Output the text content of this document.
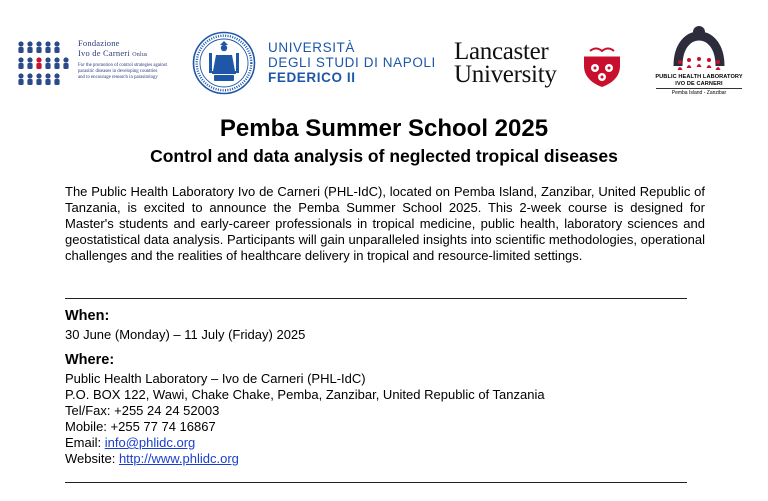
Fondazione
Ivo de Carneri Onlus
For the promotion of control strategies against
parasitic diseases in developing countries
and to encourage research in parasitology
UNIVERSITÀ
DEGLI STUDI DI NAPOLI
FEDERICO II
Lancaster
University	PUBLIC HEALTH LABORATORY
IVO DE CARNERI
Pemba Island - Zanzibar
Pemba Summer School 2025
Control and data analysis of neglected tropical diseases
The Public Health Laboratory Ivo de Carneri (PHL-IdC), located on Pemba Island, Zanzibar, United Republic of Tanzania, is excited to announce the Pemba Summer School 2025. This 2-week course is designed for Master's students and early-career professionals in tropical medicine, public health, laboratory sciences and geostatistical data analysis. Participants will gain unparalleled insights into scientific methodologies, operational challenges and the realities of healthcare delivery in tropical and resource-limited settings.
When:
30 June (Monday) – 11 July (Friday) 2025
Where:
Public Health Laboratory – Ivo de Carneri (PHL-IdC)
P.O. BOX 122, Wawi, Chake Chake, Pemba, Zanzibar, United Republic of Tanzania
Tel/Fax: +255 24 24 52003
Mobile: +255 77 74 16867
Email: info@phlidc.org
Website: http://www.phlidc.org
